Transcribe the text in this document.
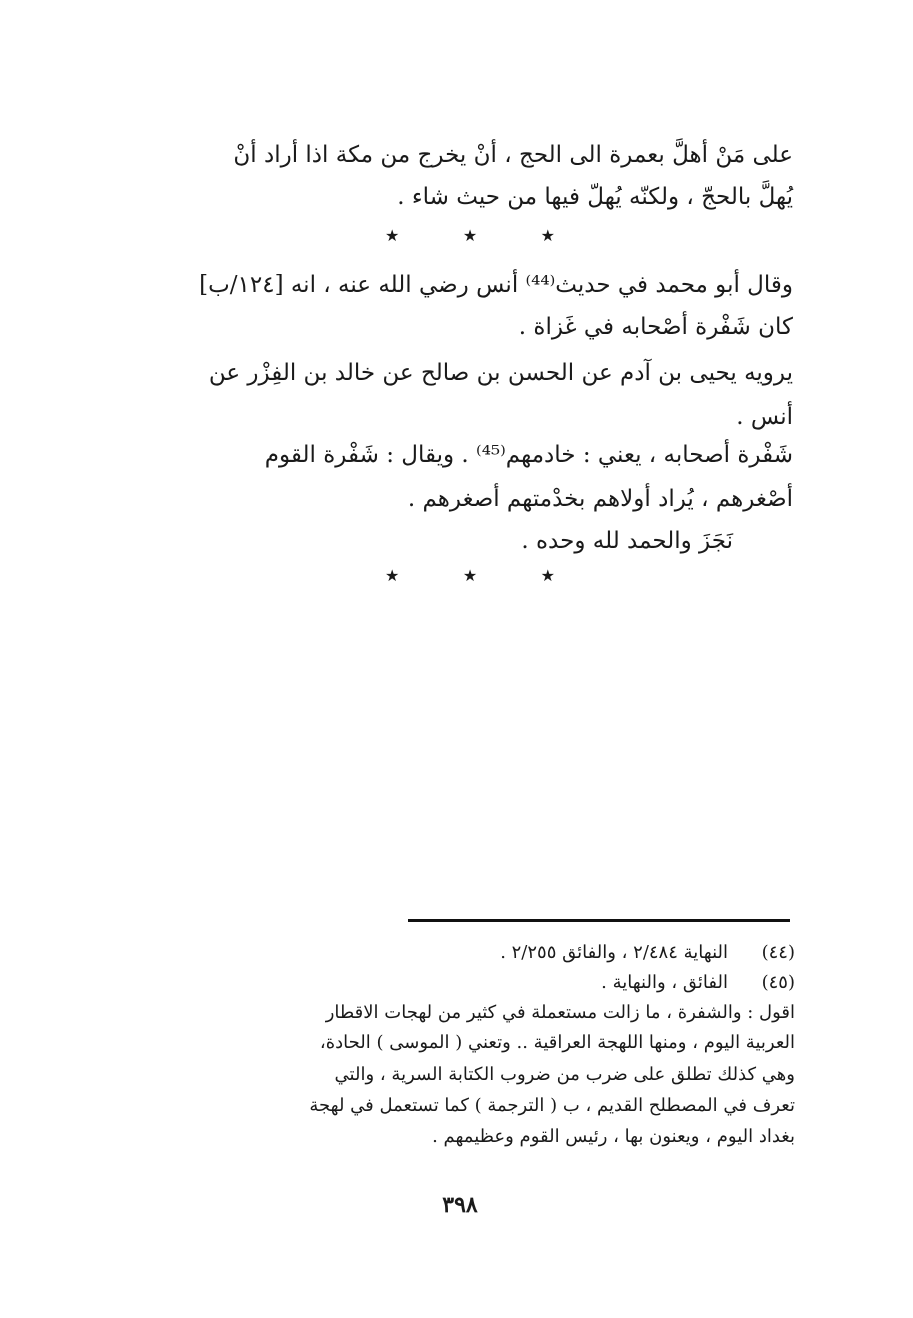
على مَنْ أهلَّ بعمرة الى الحج ، أنْ يخرج من مكة اذا أراد أنْ
يُهلَّ بالحجّ ، ولكنّه يُهلّ فيها من حيث شاء .
★	★	★
وقال أبو محمد في حديث⁽⁴⁴⁾ أنس رضي الله عنه ، انه [١٢٤/ب]
كان شَفْرة أصْحابه في غَزاة .
يرويه يحيى بن آدم عن الحسن بن صالح عن خالد بن الفِزْر عن
أنس .
شَفْرة أصحابه ، يعني : خادمهم⁽⁴⁵⁾ . ويقال : شَفْرة القوم
أصْغرهم ، يُراد أولاهم بخدْمتهم أصغرهم .
نَجَزَ والحمد لله وحده .
★	★	★
(٤٤)
النهاية ٢/٤٨٤ ، والفائق ٢/٢٥٥ .
(٤٥)
الفائق ، والنهاية .
اقول : والشفرة ، ما زالت مستعملة في كثير من لهجات الاقطار
العربية اليوم ، ومنها اللهجة العراقية .. وتعني ( الموسى ) الحادة،
وهي كذلك تطلق على ضرب من ضروب الكتابة السرية ، والتي
تعرف في المصطلح القديم ، ب ( الترجمة ) كما تستعمل في لهجة
بغداد اليوم ، ويعنون بها ، رئيس القوم وعظيمهم .
٣٩٨
